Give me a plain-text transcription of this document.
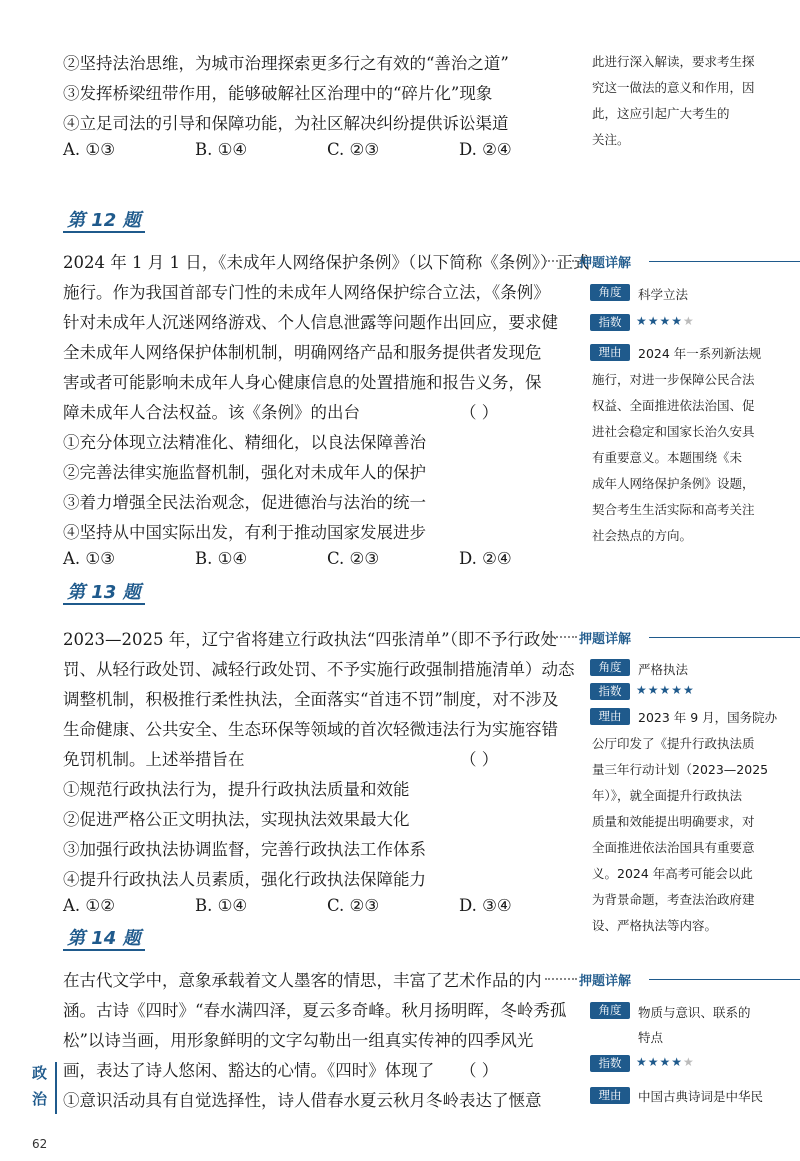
②坚持法治思维，为城市治理探索更多行之有效的“善治之道”
③发挥桥梁纽带作用，能够破解社区治理中的“碎片化”现象
④立足司法的引导和保障功能，为社区解决纠纷提供诉讼渠道
A. ①③	B. ①④	C. ②③	D. ②④
此进行深入解读，要求考生探
究这一做法的意义和作用，因
此，这应引起广大考生的
关注。
第 12 题
2024 年 1 月 1 日，《未成年人网络保护条例》（以下简称《条例》）正式
施行。作为我国首部专门性的未成年人网络保护综合立法，《条例》
针对未成年人沉迷网络游戏、个人信息泄露等问题作出回应，要求健
全未成年人网络保护体制机制，明确网络产品和服务提供者发现危
害或者可能影响未成年人身心健康信息的处置措施和报告义务，保
障未成年人合法权益。该《条例》的出台	（ ）
①充分体现立法精准化、精细化，以良法保障善治
②完善法律实施监督机制，强化对未成年人的保护
③着力增强全民法治观念，促进德治与法治的统一
④坚持从中国实际出发，有利于推动国家发展进步
A. ①③	B. ①④	C. ②③	D. ②④
押题详解
角度	科学立法
指数	★★★★★
理由	2024 年一系列新法规
施行，对进一步保障公民合法
权益、全面推进依法治国、促
进社会稳定和国家长治久安具
有重要意义。本题围绕《未
成年人网络保护条例》设题，
契合考生生活实际和高考关注
社会热点的方向。
第 13 题
2023—2025 年，辽宁省将建立行政执法“四张清单”（即不予行政处
罚、从轻行政处罚、减轻行政处罚、不予实施行政强制措施清单）动态
调整机制，积极推行柔性执法，全面落实“首违不罚”制度，对不涉及
生命健康、公共安全、生态环保等领域的首次轻微违法行为实施容错
免罚机制。上述举措旨在	（ ）
①规范行政执法行为，提升行政执法质量和效能
②促进严格公正文明执法，实现执法效果最大化
③加强行政执法协调监督，完善行政执法工作体系
④提升行政执法人员素质，强化行政执法保障能力
A. ①②	B. ①④	C. ②③	D. ③④
押题详解
角度	严格执法
指数	★★★★★
理由	2023 年 9 月，国务院办
公厅印发了《提升行政执法质
量三年行动计划（2023—2025
年）》，就全面提升行政执法
质量和效能提出明确要求，对
全面推进依法治国具有重要意
义。2024 年高考可能会以此
为背景命题，考查法治政府建
设、严格执法等内容。
第 14 题
在古代文学中，意象承载着文人墨客的情思，丰富了艺术作品的内
涵。古诗《四时》“春水满四泽，夏云多奇峰。秋月扬明晖，冬岭秀孤
松”以诗当画，用形象鲜明的文字勾勒出一组真实传神的四季风光
画，表达了诗人悠闲、豁达的心情。《四时》体现了 （ ）
①意识活动具有自觉选择性，诗人借春水夏云秋月冬岭表达了惬意
押题详解
角度	物质与意识、联系的
特点
指数	★★★★★
理由	中国古典诗词是中华民
政
治
62
